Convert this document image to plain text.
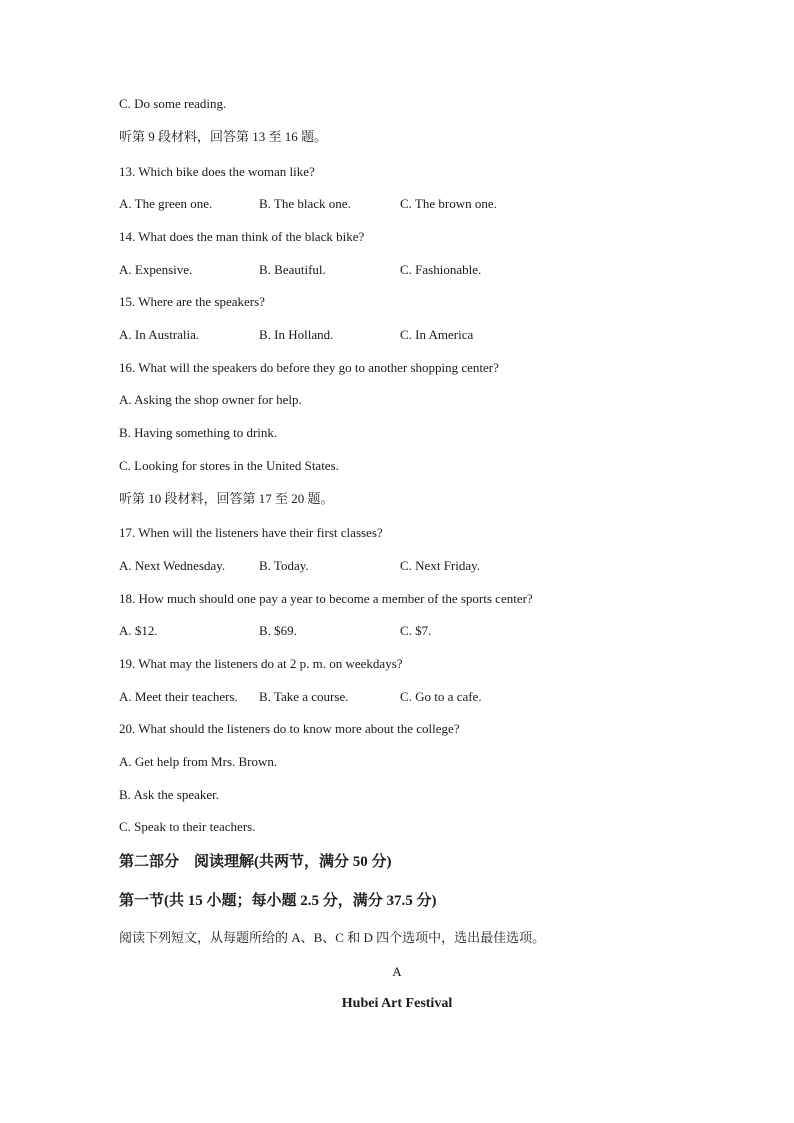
C. Do some reading.
听第 9 段材料，回答第 13 至 16 题。
13. Which bike does the woman like?
A. The green one.	B. The black one.	C. The brown one.
14. What does the man think of the black bike?
A. Expensive.	B. Beautiful.	C. Fashionable.
15. Where are the speakers?
A. In Australia.	B. In Holland.	C. In America
16. What will the speakers do before they go to another shopping center?
A. Asking the shop owner for help.
B. Having something to drink.
C. Looking for stores in the United States.
听第 10 段材料，回答第 17 至 20 题。
17. When will the listeners have their first classes?
A. Next Wednesday.	B. Today.	C. Next Friday.
18. How much should one pay a year to become a member of the sports center?
A. $12.	B. $69.	C. $7.
19. What may the listeners do at 2 p. m. on weekdays?
A. Meet their teachers. B. Take a course.	C. Go to a cafe.
20. What should the listeners do to know more about the college?
A. Get help from Mrs. Brown.
B. Ask the speaker.
C. Speak to their teachers.
第二部分　阅读理解(共两节，满分 50 分)
第一节(共 15 小题；每小题 2.5 分，满分 37.5 分)
阅读下列短文，从每题所给的 A、B、C 和 D 四个选项中，选出最佳选项。
A
Hubei Art Festival
